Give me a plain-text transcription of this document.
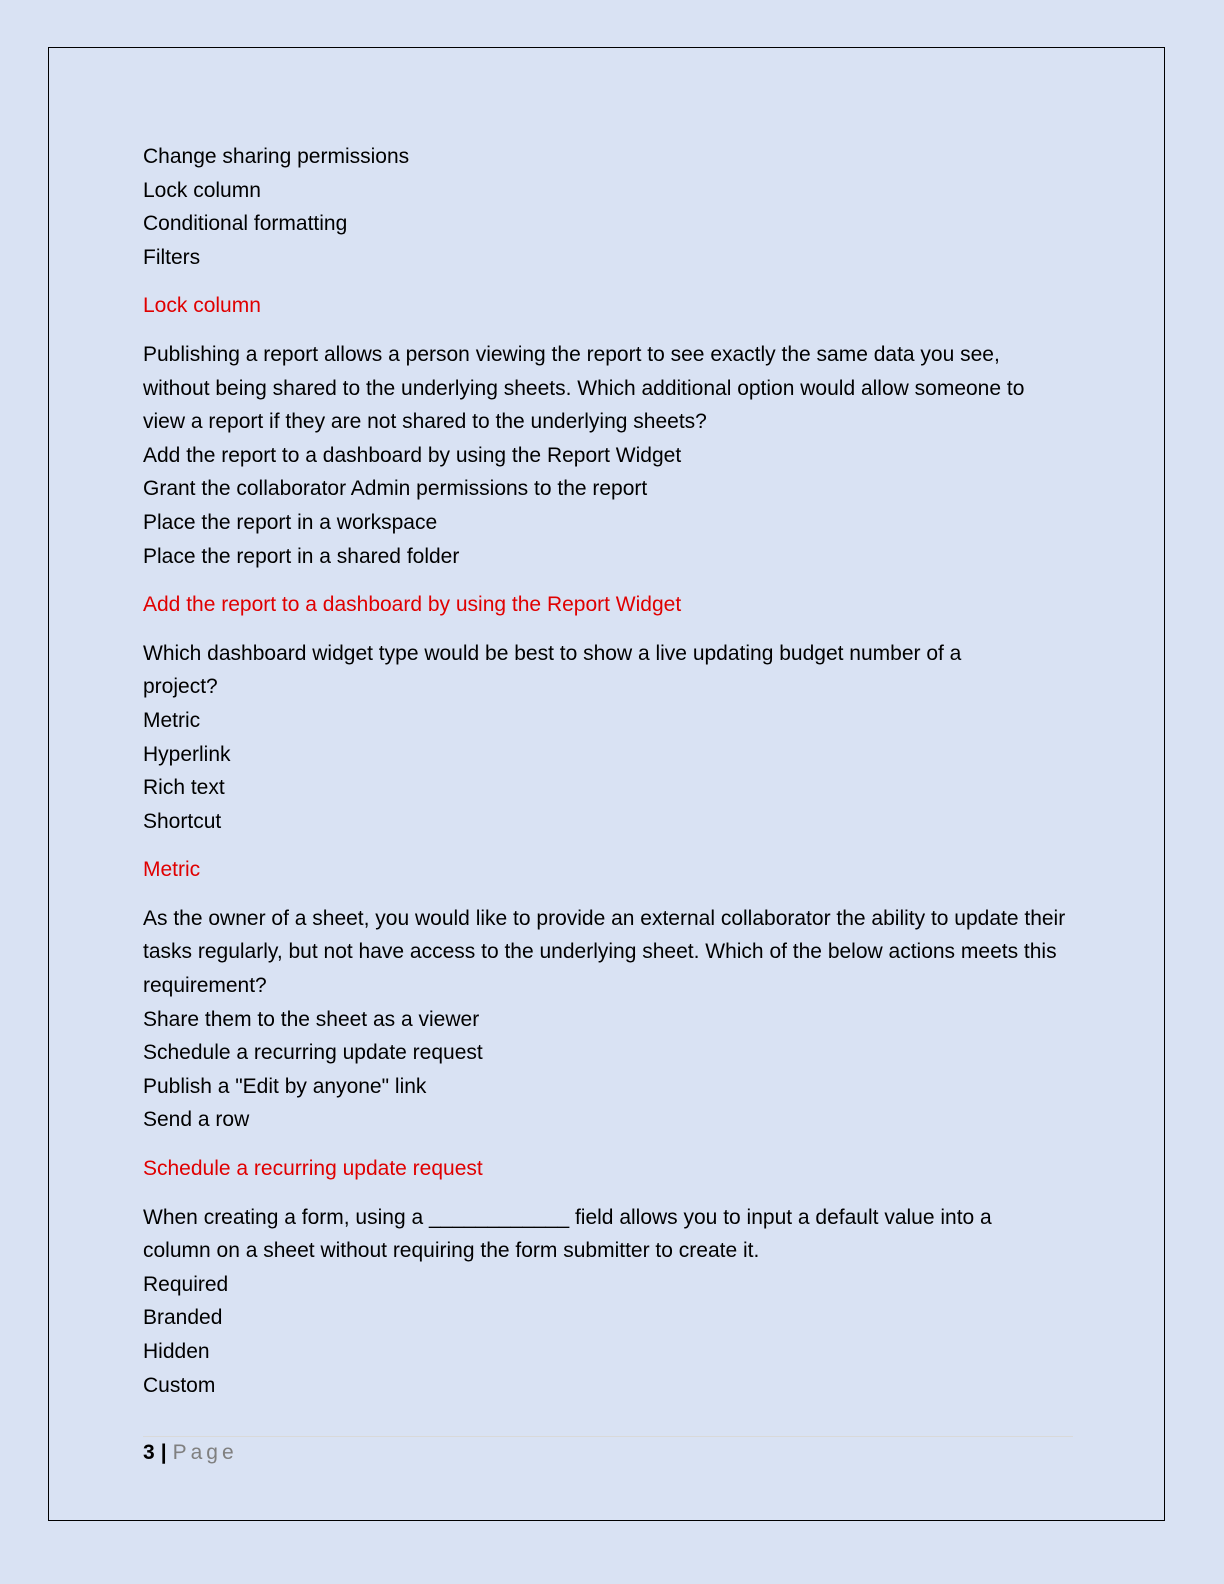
Change sharing permissions

Lock column

Conditional formatting

Filters

Lock column

Publishing a report allows a person viewing the report to see exactly the same data you see, without being shared to the underlying sheets. Which additional option would allow someone to view a report if they are not shared to the underlying sheets?

Add the report to a dashboard by using the Report Widget

Grant the collaborator Admin permissions to the report

Place the report in a workspace

Place the report in a shared folder

Add the report to a dashboard by using the Report Widget

Which dashboard widget type would be best to show a live updating budget number of a project?

Metric

Hyperlink

Rich text

Shortcut

Metric

As the owner of a sheet, you would like to provide an external collaborator the ability to update their tasks regularly, but not have access to the underlying sheet. Which of the below actions meets this requirement?

Share them to the sheet as a viewer

Schedule a recurring update request

Publish a "Edit by anyone" link

Send a row

Schedule a recurring update request

When creating a form, using a ____________ field allows you to input a default value into a column on a sheet without requiring the form submitter to create it.

Required

Branded

Hidden

Custom

3 | Page
